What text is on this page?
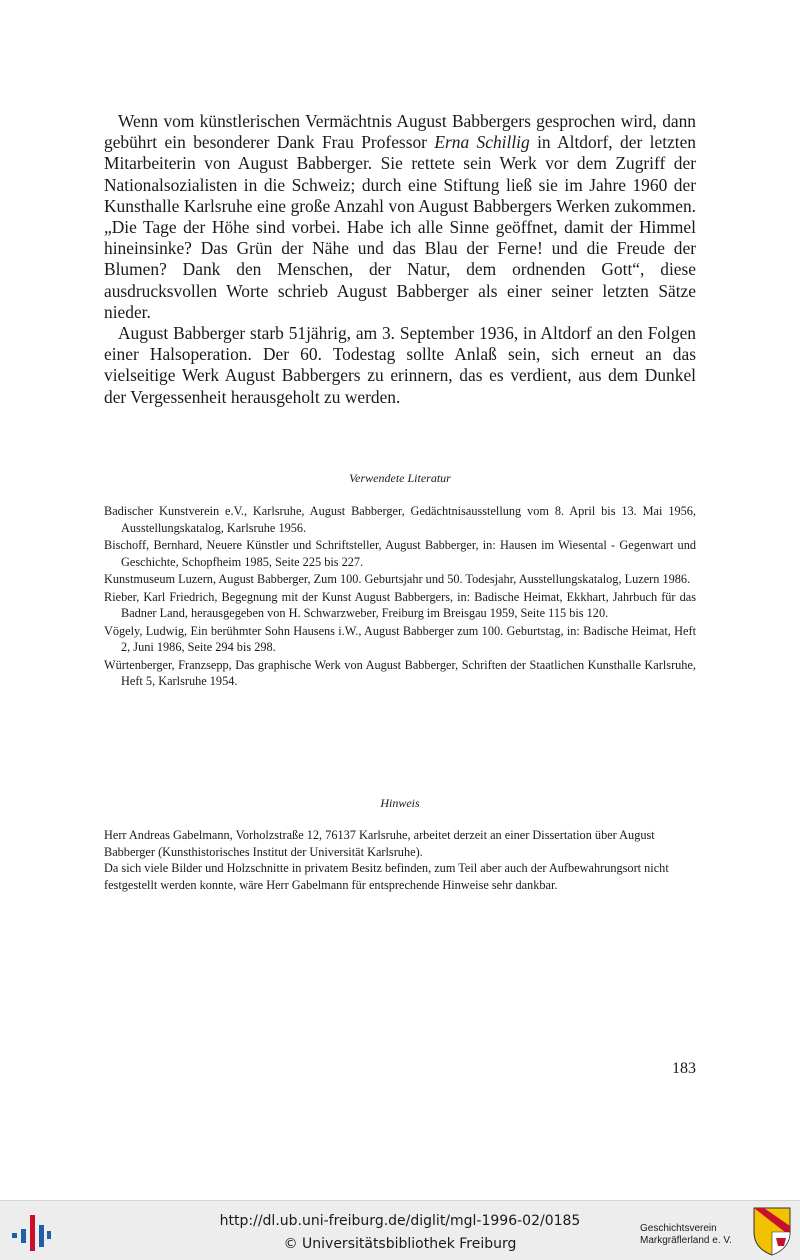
Wenn vom künstlerischen Vermächtnis August Babbergers gesprochen wird, dann gebührt ein besonderer Dank Frau Professor Erna Schillig in Altdorf, der letzten Mitarbeiterin von August Babberger. Sie rettete sein Werk vor dem Zugriff der Nationalsozialisten in die Schweiz; durch eine Stiftung ließ sie im Jahre 1960 der Kunsthalle Karlsruhe eine große Anzahl von August Babbergers Werken zukommen. „Die Tage der Höhe sind vorbei. Habe ich alle Sinne geöffnet, damit der Himmel hineinsinke? Das Grün der Nähe und das Blau der Ferne! und die Freude der Blumen? Dank den Menschen, der Natur, dem ordnenden Gott“, diese ausdrucksvollen Worte schrieb August Babberger als einer seiner letzten Sätze nieder.

August Babberger starb 51jährig, am 3. September 1936, in Altdorf an den Folgen einer Halsoperation. Der 60. Todestag sollte Anlaß sein, sich erneut an das vielseitige Werk August Babbergers zu erinnern, das es verdient, aus dem Dunkel der Vergessenheit herausgeholt zu werden.

Verwendete Literatur

Badischer Kunstverein e.V., Karlsruhe, August Babberger, Gedächtnisausstellung vom 8. April bis 13. Mai 1956, Ausstellungskatalog, Karlsruhe 1956.

Bischoff, Bernhard, Neuere Künstler und Schriftsteller, August Babberger, in: Hausen im Wiesental - Gegenwart und Geschichte, Schopfheim 1985, Seite 225 bis 227.

Kunstmuseum Luzern, August Babberger, Zum 100. Geburtsjahr und 50. Todesjahr, Ausstellungskatalog, Luzern 1986.

Rieber, Karl Friedrich, Begegnung mit der Kunst August Babbergers, in: Badische Heimat, Ekkhart, Jahrbuch für das Badner Land, herausgegeben von H. Schwarzweber, Freiburg im Breisgau 1959, Seite 115 bis 120.

Vögely, Ludwig, Ein berühmter Sohn Hausens i.W., August Babberger zum 100. Geburtstag, in: Badische Heimat, Heft 2, Juni 1986, Seite 294 bis 298.

Würtenberger, Franzsepp, Das graphische Werk von August Babberger, Schriften der Staatlichen Kunsthalle Karlsruhe, Heft 5, Karlsruhe 1954.

Hinweis

Herr Andreas Gabelmann, Vorholzstraße 12, 76137 Karlsruhe, arbeitet derzeit an einer Dissertation über August Babberger (Kunsthistorisches Institut der Universität Karlsruhe).

Da sich viele Bilder und Holzschnitte in privatem Besitz befinden, zum Teil aber auch der Aufbewahrungsort nicht festgestellt werden konnte, wäre Herr Gabelmann für entsprechende Hinweise sehr dankbar.

183
http://dl.ub.uni-freiburg.de/diglit/mgl-1996-02/0185
© Universitätsbibliothek Freiburg
Geschichtsverein
Markgräflerland e. V.
